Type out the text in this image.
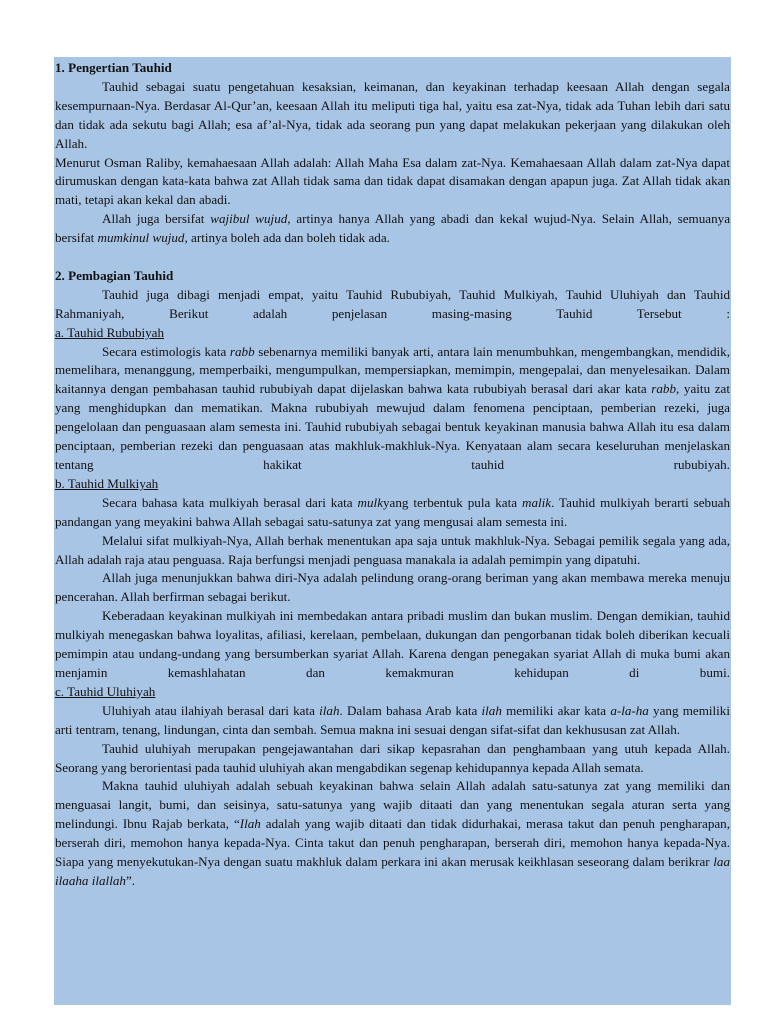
1. Pengertian Tauhid

Tauhid sebagai suatu pengetahuan kesaksian, keimanan, dan keyakinan terhadap keesaan Allah dengan segala kesempurnaan-Nya. Berdasar Al-Qur’an, keesaan Allah itu meliputi tiga hal, yaitu esa zat-Nya, tidak ada Tuhan lebih dari satu dan tidak ada sekutu bagi Allah; esa af’al-Nya, tidak ada seorang pun yang dapat melakukan pekerjaan yang dilakukan oleh Allah.

Menurut Osman Raliby, kemahaesaan Allah adalah: Allah Maha Esa dalam zat-Nya. Kemahaesaan Allah dalam zat-Nya dapat dirumuskan dengan kata-kata bahwa zat Allah tidak sama dan tidak dapat disamakan dengan apapun juga. Zat Allah tidak akan mati, tetapi akan kekal dan abadi.

Allah juga bersifat wajibul wujud, artinya hanya Allah yang abadi dan kekal wujud-Nya. Selain Allah, semuanya bersifat mumkinul wujud, artinya boleh ada dan boleh tidak ada.

2. Pembagian Tauhid

Tauhid juga dibagi menjadi empat, yaitu Tauhid Rububiyah, Tauhid Mulkiyah, Tauhid Uluhiyah dan Tauhid Rahmaniyah, Berikut adalah penjelasan masing-masing Tauhid Tersebut :

a. Tauhid Rububiyah

Secara estimologis kata rabb sebenarnya memiliki banyak arti, antara lain menumbuhkan, mengembangkan, mendidik, memelihara, menanggung, memperbaiki, mengumpulkan, mempersiapkan, memimpin, mengepalai, dan menyelesaikan. Dalam kaitannya dengan pembahasan tauhid rububiyah dapat dijelaskan bahwa kata rububiyah berasal dari akar kata rabb, yaitu zat yang menghidupkan dan mematikan. Makna rububiyah mewujud dalam fenomena penciptaan, pemberian rezeki, juga pengelolaan dan penguasaan alam semesta ini. Tauhid rububiyah sebagai bentuk keyakinan manusia bahwa Allah itu esa dalam penciptaan, pemberian rezeki dan penguasaan atas makhluk-makhluk-Nya. Kenyataan alam secara keseluruhan menjelaskan tentang hakikat tauhid rububiyah.

b. Tauhid Mulkiyah

Secara bahasa kata mulkiyah berasal dari kata mulkyang terbentuk pula kata malik. Tauhid mulkiyah berarti sebuah pandangan yang meyakini bahwa Allah sebagai satu-satunya zat yang mengusai alam semesta ini.

Melalui sifat mulkiyah-Nya, Allah berhak menentukan apa saja untuk makhluk-Nya. Sebagai pemilik segala yang ada, Allah adalah raja atau penguasa. Raja berfungsi menjadi penguasa manakala ia adalah pemimpin yang dipatuhi.

Allah juga menunjukkan bahwa diri-Nya adalah pelindung orang-orang beriman yang akan membawa mereka menuju pencerahan. Allah berfirman sebagai berikut.

Keberadaan keyakinan mulkiyah ini membedakan antara pribadi muslim dan bukan muslim. Dengan demikian, tauhid mulkiyah menegaskan bahwa loyalitas, afiliasi, kerelaan, pembelaan, dukungan dan pengorbanan tidak boleh diberikan kecuali pemimpin atau undang-undang yang bersumberkan syariat Allah. Karena dengan penegakan syariat Allah di muka bumi akan menjamin kemashlahatan dan kemakmuran kehidupan di bumi.

c. Tauhid Uluhiyah

Uluhiyah atau ilahiyah berasal dari kata ilah. Dalam bahasa Arab kata ilah memiliki akar kata a-la-ha yang memiliki arti tentram, tenang, lindungan, cinta dan sembah. Semua makna ini sesuai dengan sifat-sifat dan kekhususan zat Allah.

Tauhid uluhiyah merupakan pengejawantahan dari sikap kepasrahan dan penghambaan yang utuh kepada Allah. Seorang yang berorientasi pada tauhid uluhiyah akan mengabdikan segenap kehidupannya kepada Allah semata.

Makna tauhid uluhiyah adalah sebuah keyakinan bahwa selain Allah adalah satu-satunya zat yang memiliki dan menguasai langit, bumi, dan seisinya, satu-satunya yang wajib ditaati dan yang menentukan segala aturan serta yang melindungi. Ibnu Rajab berkata, “Ilah adalah yang wajib ditaati dan tidak didurhakai, merasa takut dan penuh pengharapan, berserah diri, memohon hanya kepada-Nya. Cinta takut dan penuh pengharapan, berserah diri, memohon hanya kepada-Nya. Siapa yang menyekutukan-Nya dengan suatu makhluk dalam perkara ini akan merusak keikhlasan seseorang dalam berikrar laa ilaaha ilallah”.
